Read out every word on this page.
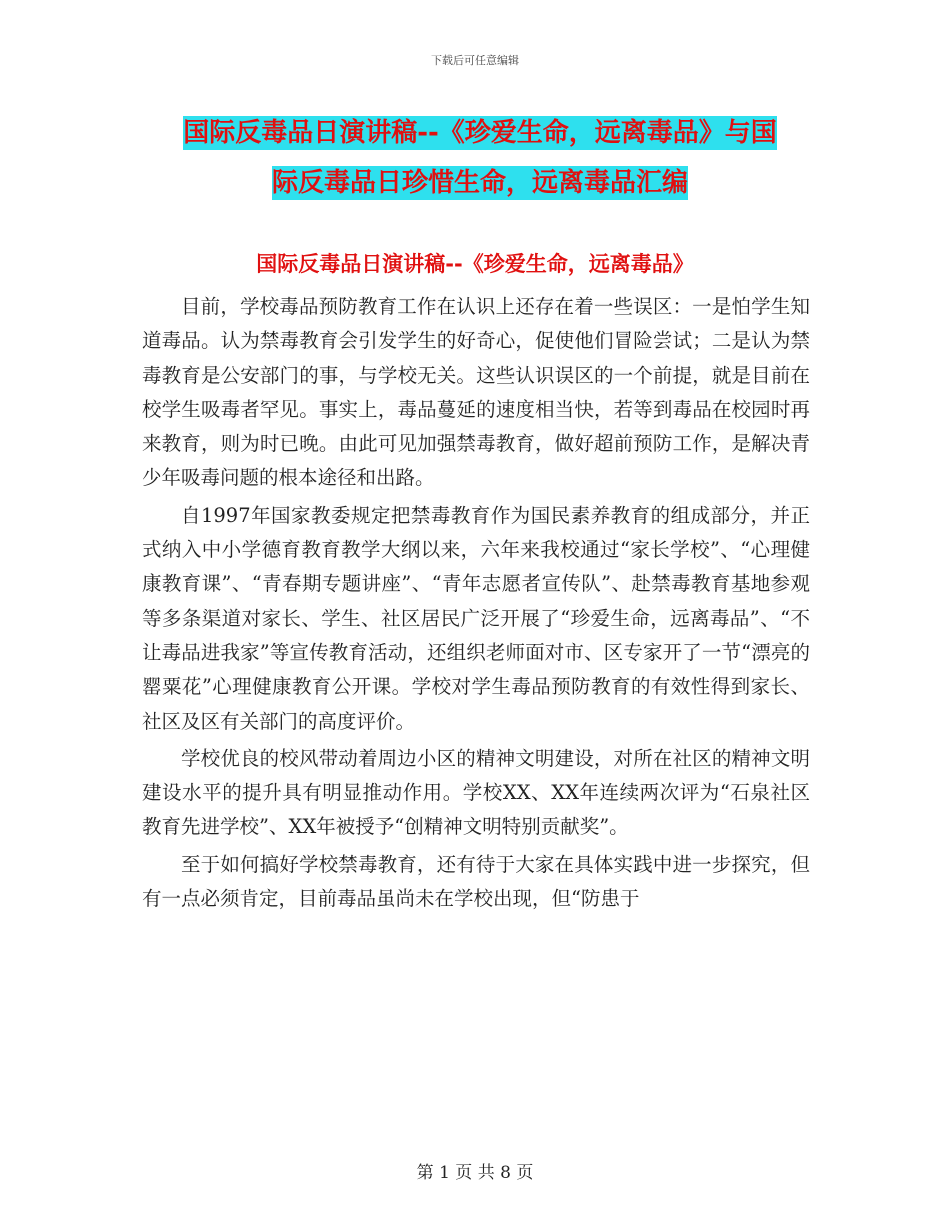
下载后可任意编辑
国际反毒品日演讲稿--《珍爱生命，远离毒品》与国
际反毒品日珍惜生命，远离毒品汇编
国际反毒品日演讲稿--《珍爱生命，远离毒品》

目前，学校毒品预防教育工作在认识上还存在着一些误区：一是怕学生知道毒品。认为禁毒教育会引发学生的好奇心，促使他们冒险尝试；二是认为禁毒教育是公安部门的事，与学校无关。这些认识误区的一个前提，就是目前在校学生吸毒者罕见。事实上，毒品蔓延的速度相当快，若等到毒品在校园时再来教育，则为时已晚。由此可见加强禁毒教育，做好超前预防工作，是解决青少年吸毒问题的根本途径和出路。

自1997年国家教委规定把禁毒教育作为国民素养教育的组成部分，并正式纳入中小学德育教育教学大纲以来，六年来我校通过“家长学校”、“心理健康教育课”、“青春期专题讲座”、“青年志愿者宣传队”、赴禁毒教育基地参观等多条渠道对家长、学生、社区居民广泛开展了“珍爱生命，远离毒品”、“不让毒品进我家”等宣传教育活动，还组织老师面对市、区专家开了一节“漂亮的罂粟花”心理健康教育公开课。学校对学生毒品预防教育的有效性得到家长、社区及区有关部门的高度评价。

学校优良的校风带动着周边小区的精神文明建设，对所在社区的精神文明建设水平的提升具有明显推动作用。学校XX、XX年连续两次评为“石泉社区教育先进学校”、XX年被授予“创精神文明特别贡献奖”。

至于如何搞好学校禁毒教育，还有待于大家在具体实践中进一步探究，但有一点必须肯定，目前毒品虽尚未在学校出现，但“防患于

第 1 页 共 8 页
